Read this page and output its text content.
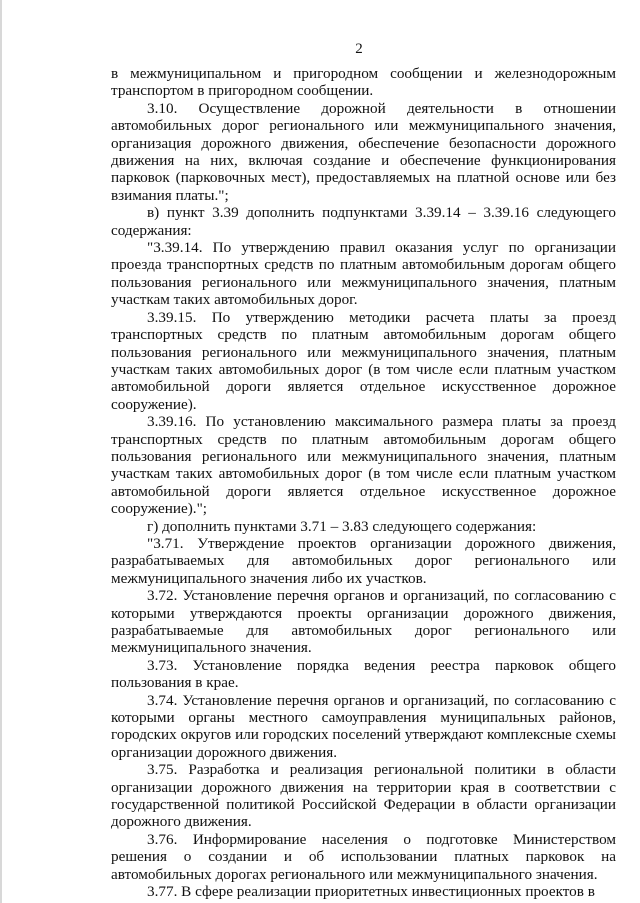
2

в межмуниципальном и пригородном сообщении и железнодорожным транспортом в пригородном сообщении.

3.10. Осуществление дорожной деятельности в отношении автомобильных дорог регионального или межмуниципального значения, организация дорожного движения, обеспечение безопасности дорожного движения на них, включая создание и обеспечение функционирования парковок (парковочных мест), предоставляемых на платной основе или без взимания платы.";

в) пункт 3.39 дополнить подпунктами 3.39.14 – 3.39.16 следующего содержания:

"3.39.14. По утверждению правил оказания услуг по организации проезда транспортных средств по платным автомобильным дорогам общего пользования регионального или межмуниципального значения, платным участкам таких автомобильных дорог.

3.39.15. По утверждению методики расчета платы за проезд транспортных средств по платным автомобильным дорогам общего пользования регионального или межмуниципального значения, платным участкам таких автомобильных дорог (в том числе если платным участком автомобильной дороги является отдельное искусственное дорожное сооружение).

3.39.16. По установлению максимального размера платы за проезд транспортных средств по платным автомобильным дорогам общего пользования регионального или межмуниципального значения, платным участкам таких автомобильных дорог (в том числе если платным участком автомобильной дороги является отдельное искусственное дорожное сооружение).";

г) дополнить пунктами 3.71 – 3.83 следующего содержания:

"3.71. Утверждение проектов организации дорожного движения, разрабатываемых для автомобильных дорог регионального или межмуниципального значения либо их участков.

3.72. Установление перечня органов и организаций, по согласованию с которыми утверждаются проекты организации дорожного движения, разрабатываемые для автомобильных дорог регионального или межмуниципального значения.

3.73. Установление порядка ведения реестра парковок общего пользования в крае.

3.74. Установление перечня органов и организаций, по согласованию с которыми органы местного самоуправления муниципальных районов, городских округов или городских поселений утверждают комплексные схемы организации дорожного движения.

3.75. Разработка и реализация региональной политики в области организации дорожного движения на территории края в соответствии с государственной политикой Российской Федерации в области организации дорожного движения.

3.76. Информирование населения о подготовке Министерством решения о создании и об использовании платных парковок на автомобильных дорогах регионального или межмуниципального значения.

3.77. В сфере реализации приоритетных инвестиционных проектов в
